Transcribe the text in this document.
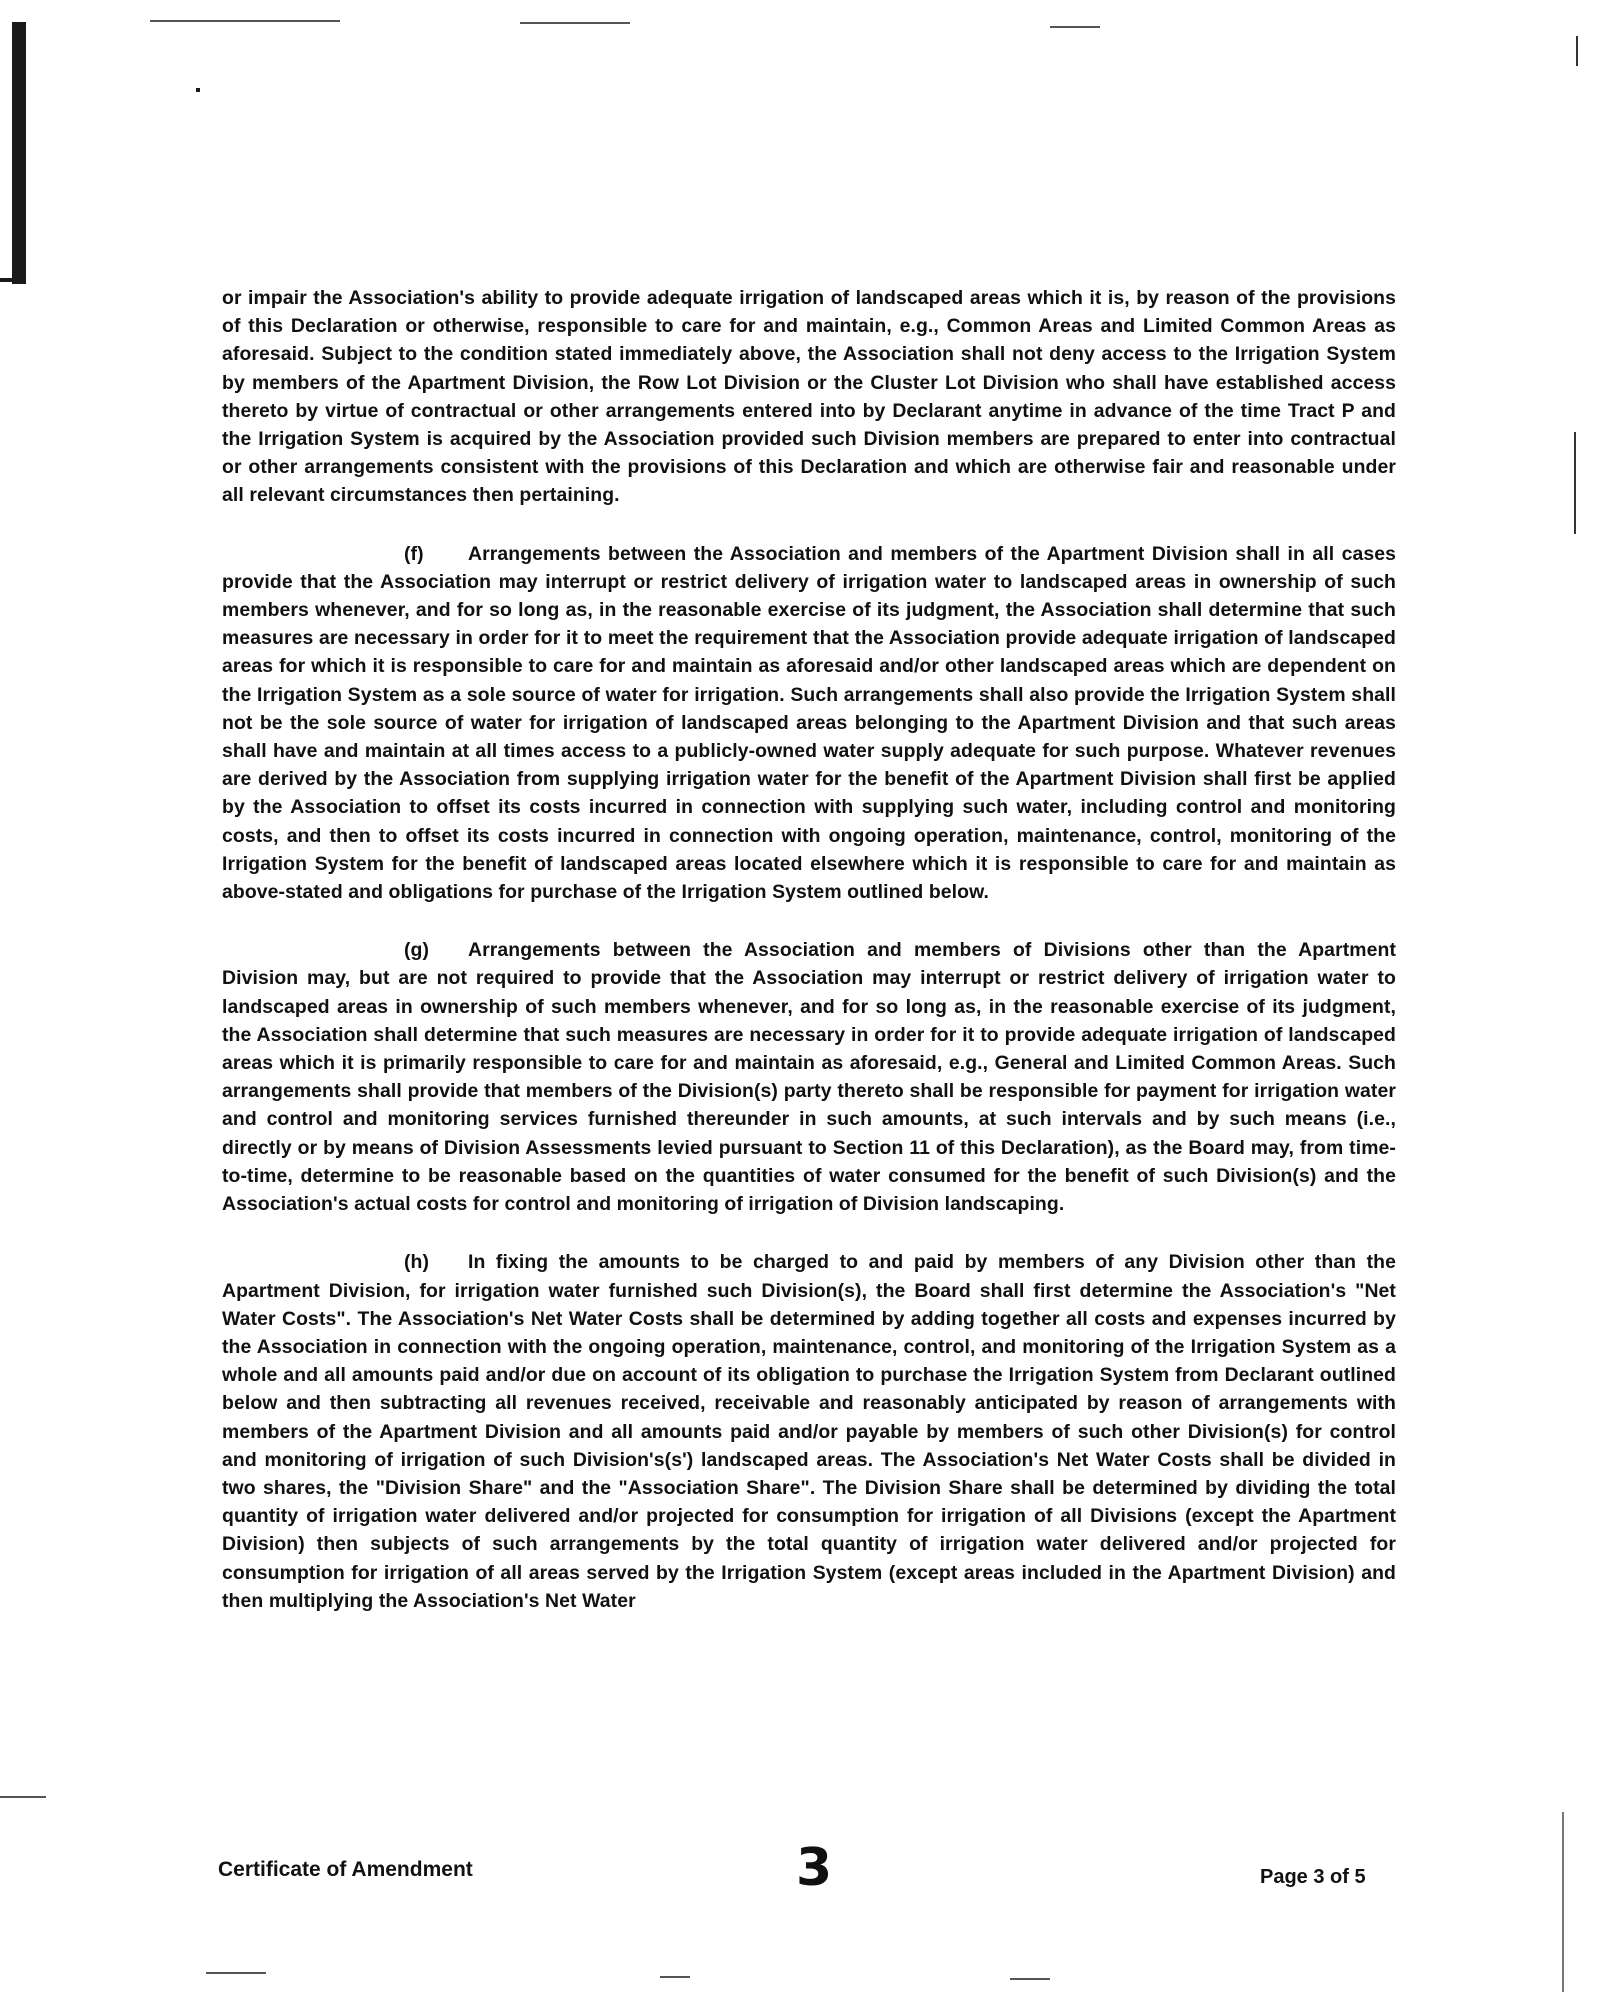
or impair the Association's ability to provide adequate irrigation of landscaped areas which it is, by reason of the provisions of this Declaration or otherwise, responsible to care for and maintain, e.g., Common Areas and Limited Common Areas as aforesaid. Subject to the condition stated immediately above, the Association shall not deny access to the Irrigation System by members of the Apartment Division, the Row Lot Division or the Cluster Lot Division who shall have established access thereto by virtue of contractual or other arrangements entered into by Declarant anytime in advance of the time Tract P and the Irrigation System is acquired by the Association provided such Division members are prepared to enter into contractual or other arrangements consistent with the provisions of this Declaration and which are otherwise fair and reasonable under all relevant circumstances then pertaining.

(f) Arrangements between the Association and members of the Apartment Division shall in all cases provide that the Association may interrupt or restrict delivery of irrigation water to landscaped areas in ownership of such members whenever, and for so long as, in the reasonable exercise of its judgment, the Association shall determine that such measures are necessary in order for it to meet the requirement that the Association provide adequate irrigation of landscaped areas for which it is responsible to care for and maintain as aforesaid and/or other landscaped areas which are dependent on the Irrigation System as a sole source of water for irrigation. Such arrangements shall also provide the Irrigation System shall not be the sole source of water for irrigation of landscaped areas belonging to the Apartment Division and that such areas shall have and maintain at all times access to a publicly-owned water supply adequate for such purpose. Whatever revenues are derived by the Association from supplying irrigation water for the benefit of the Apartment Division shall first be applied by the Association to offset its costs incurred in connection with supplying such water, including control and monitoring costs, and then to offset its costs incurred in connection with ongoing operation, maintenance, control, monitoring of the Irrigation System for the benefit of landscaped areas located elsewhere which it is responsible to care for and maintain as above-stated and obligations for purchase of the Irrigation System outlined below.

(g) Arrangements between the Association and members of Divisions other than the Apartment Division may, but are not required to provide that the Association may interrupt or restrict delivery of irrigation water to landscaped areas in ownership of such members whenever, and for so long as, in the reasonable exercise of its judgment, the Association shall determine that such measures are necessary in order for it to provide adequate irrigation of landscaped areas which it is primarily responsible to care for and maintain as aforesaid, e.g., General and Limited Common Areas. Such arrangements shall provide that members of the Division(s) party thereto shall be responsible for payment for irrigation water and control and monitoring services furnished thereunder in such amounts, at such intervals and by such means (i.e., directly or by means of Division Assessments levied pursuant to Section 11 of this Declaration), as the Board may, from time-to-time, determine to be reasonable based on the quantities of water consumed for the benefit of such Division(s) and the Association's actual costs for control and monitoring of irrigation of Division landscaping.

(h) In fixing the amounts to be charged to and paid by members of any Division other than the Apartment Division, for irrigation water furnished such Division(s), the Board shall first determine the Association's "Net Water Costs". The Association's Net Water Costs shall be determined by adding together all costs and expenses incurred by the Association in connection with the ongoing operation, maintenance, control, and monitoring of the Irrigation System as a whole and all amounts paid and/or due on account of its obligation to purchase the Irrigation System from Declarant outlined below and then subtracting all revenues received, receivable and reasonably anticipated by reason of arrangements with members of the Apartment Division and all amounts paid and/or payable by members of such other Division(s) for control and monitoring of irrigation of such Division's(s') landscaped areas. The Association's Net Water Costs shall be divided in two shares, the "Division Share" and the "Association Share". The Division Share shall be determined by dividing the total quantity of irrigation water delivered and/or projected for consumption for irrigation of all Divisions (except the Apartment Division) then subjects of such arrangements by the total quantity of irrigation water delivered and/or projected for consumption for irrigation of all areas served by the Irrigation System (except areas included in the Apartment Division) and then multiplying the Association's Net Water

Certificate of Amendment	3	Page 3 of 5
